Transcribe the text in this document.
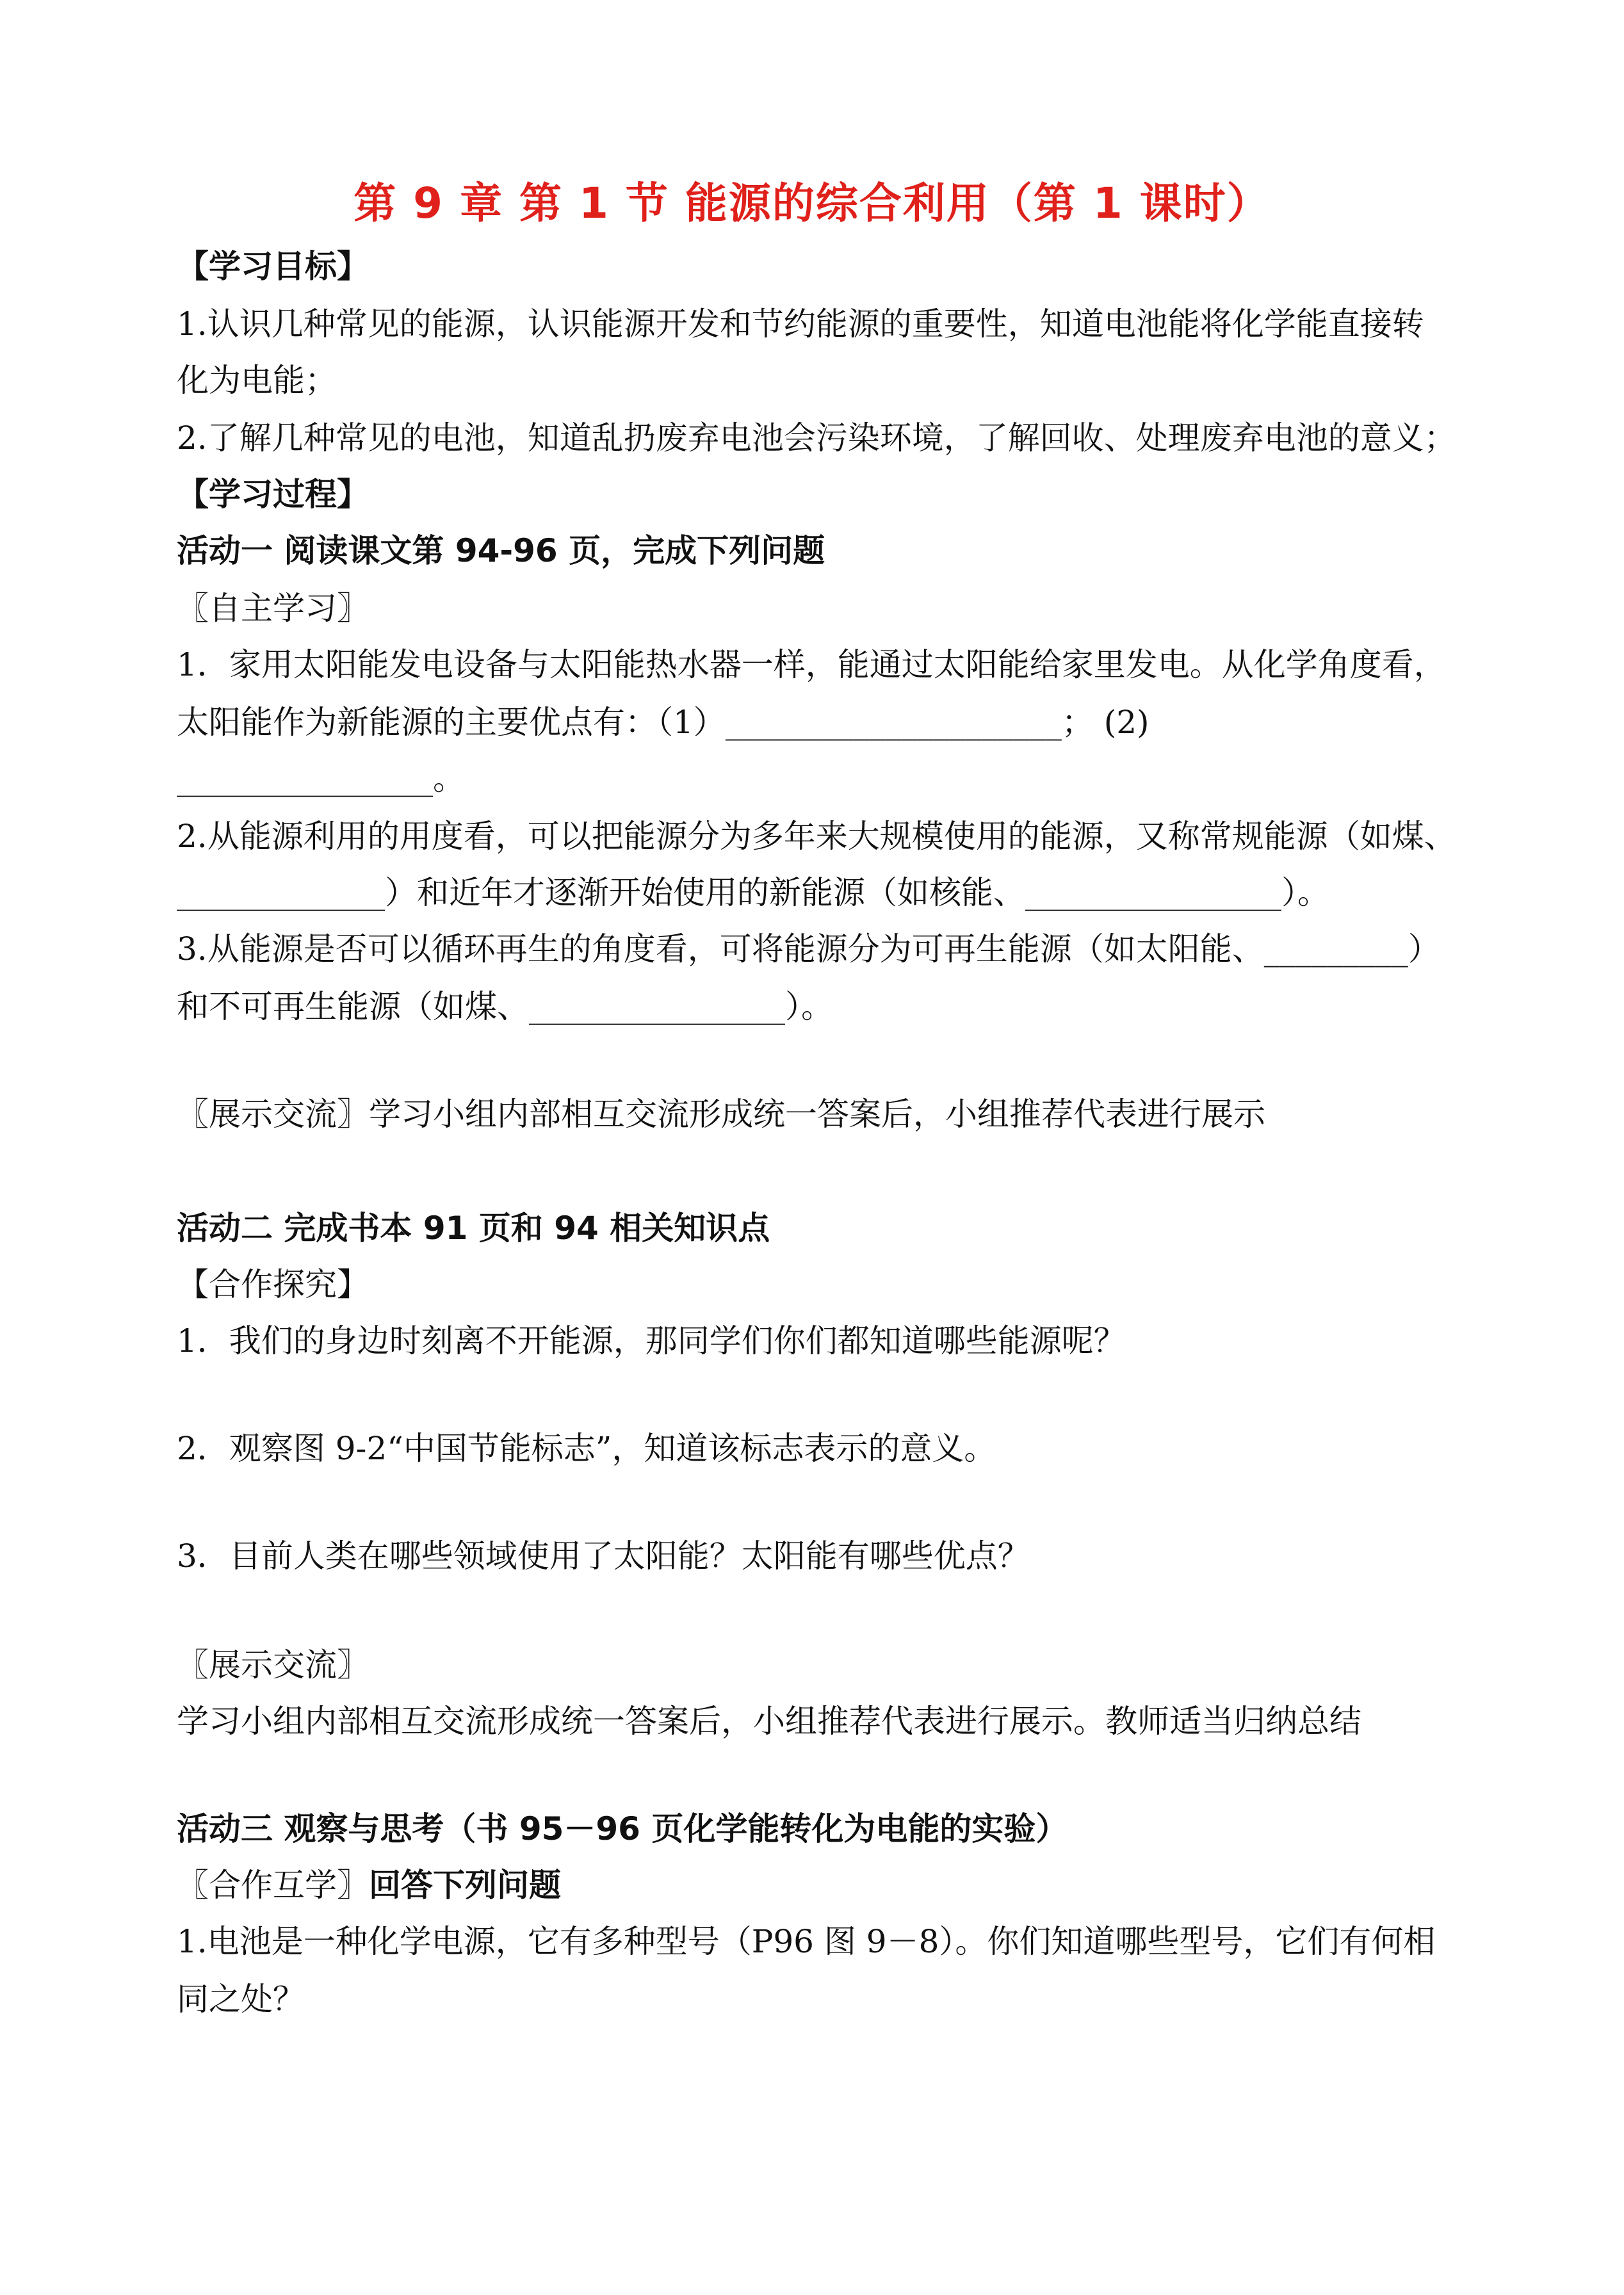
第 9 章 第 1 节 能源的综合利用（第 1 课时）
【学习目标】
1.认识几种常见的能源，认识能源开发和节约能源的重要性，知道电池能将化学能直接转
化为电能；
2.了解几种常见的电池，知道乱扔废弃电池会污染环境，了解回收、处理废弃电池的意义；
【学习过程】
活动一 阅读课文第 94-96 页，完成下列问题
〖自主学习〗
1．家用太阳能发电设备与太阳能热水器一样，能通过太阳能给家里发电。从化学角度看，
太阳能作为新能源的主要优点有：（1）_____________________； (2)
________________。
2.从能源利用的用度看，可以把能源分为多年来大规模使用的能源，又称常规能源（如煤、
_____________）和近年才逐渐开始使用的新能源（如核能、________________）。
3.从能源是否可以循环再生的角度看，可将能源分为可再生能源（如太阳能、_________）
和不可再生能源（如煤、________________）。
〖展示交流〗学习小组内部相互交流形成统一答案后，小组推荐代表进行展示
活动二 完成书本 91 页和 94 相关知识点
【合作探究】
1．我们的身边时刻离不开能源，那同学们你们都知道哪些能源呢？
2．观察图 9-2“中国节能标志”，知道该标志表示的意义。
3．目前人类在哪些领域使用了太阳能？太阳能有哪些优点？
〖展示交流〗
学习小组内部相互交流形成统一答案后，小组推荐代表进行展示。教师适当归纳总结
活动三 观察与思考（书 95－96 页化学能转化为电能的实验）
〖合作互学〗回答下列问题
1.电池是一种化学电源，它有多种型号（P96 图 9－8）。你们知道哪些型号，它们有何相
同之处？
